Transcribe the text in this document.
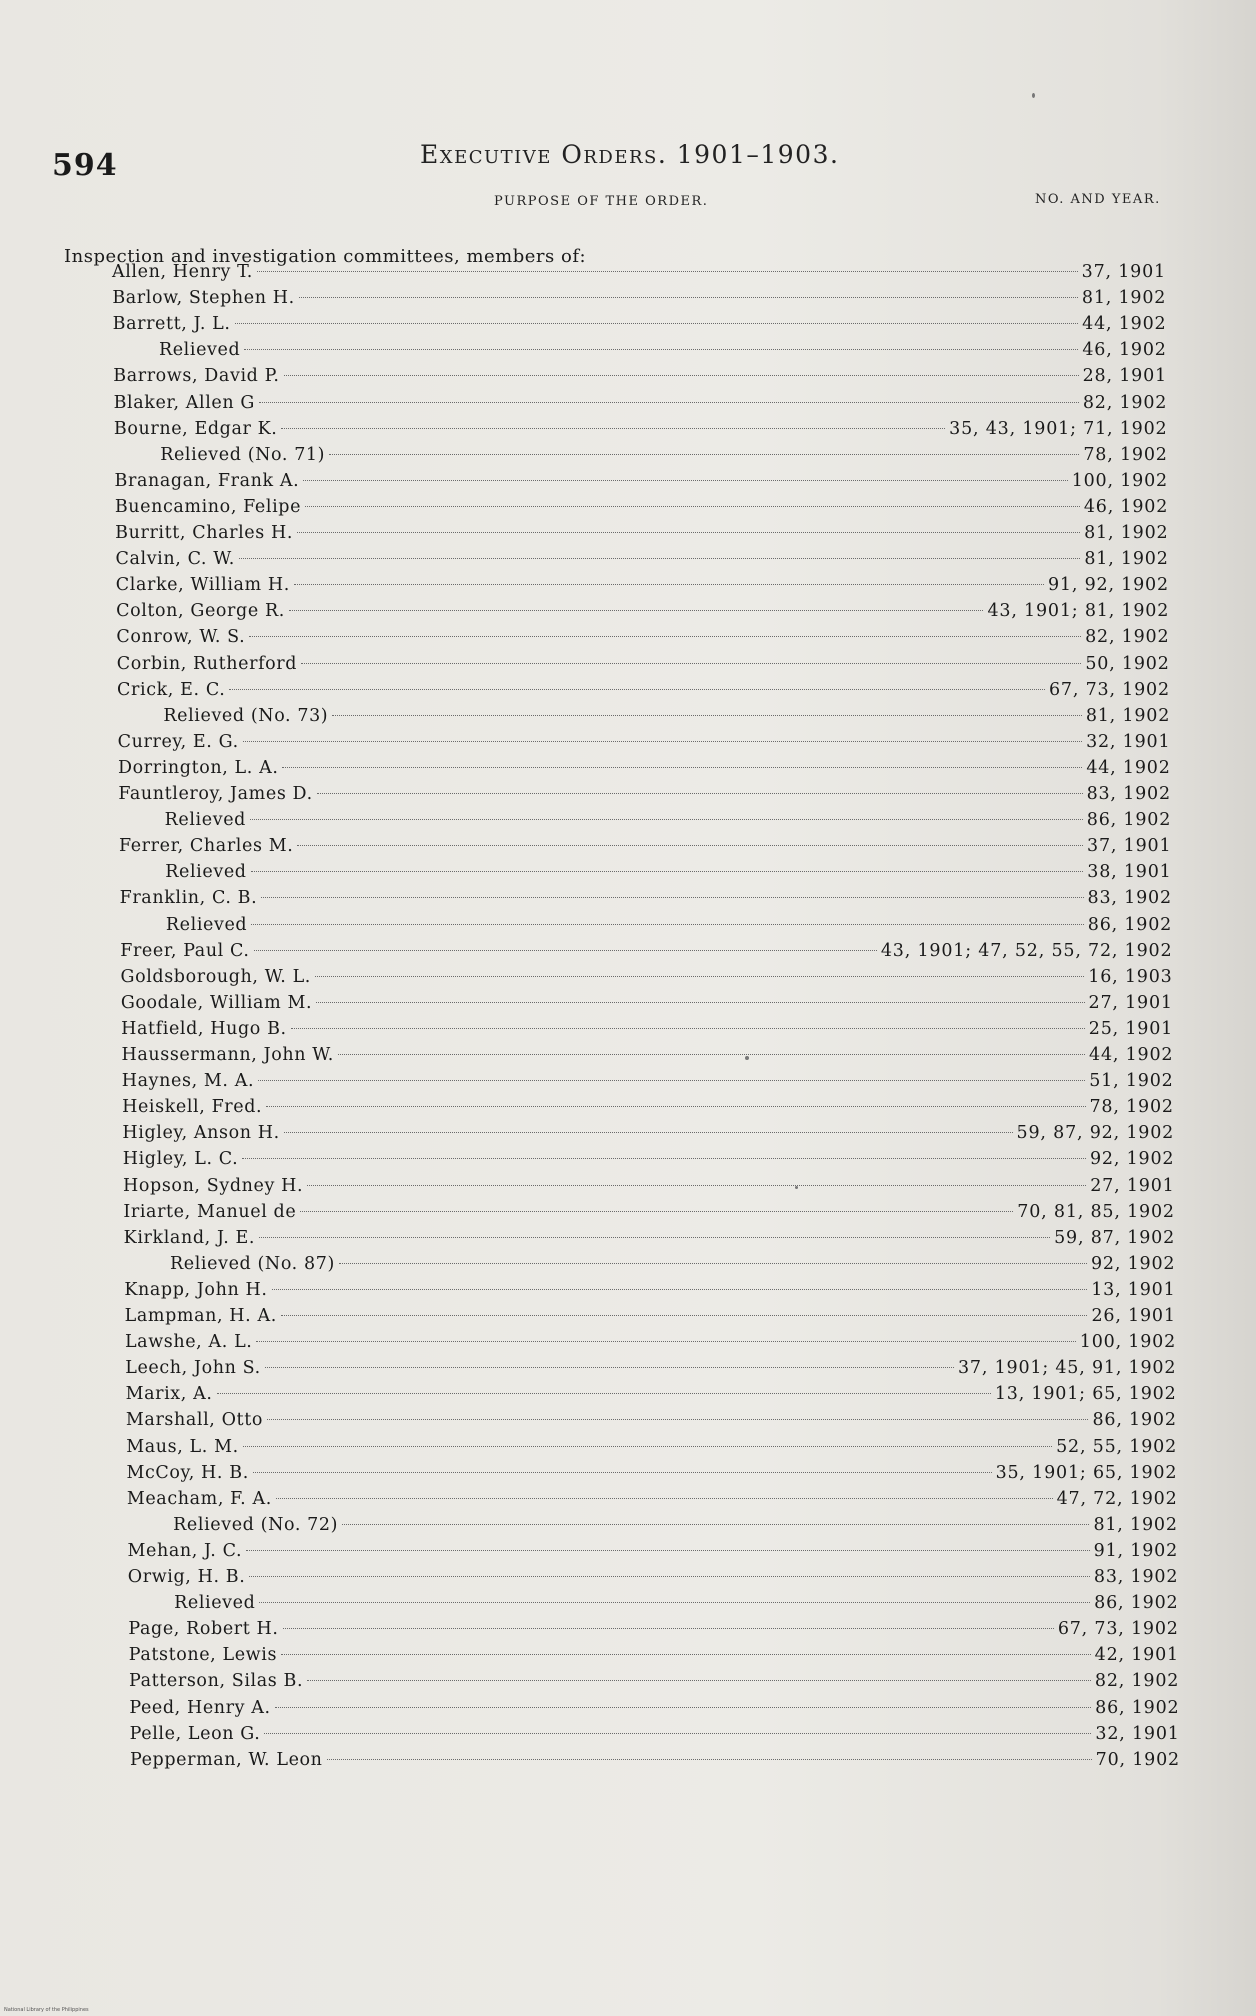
594	Executive Orders. 1901–1903.
PURPOSE OF THE ORDER.	NO. AND YEAR.
Inspection and investigation committees, members of:
Allen, Henry T.	37, 1901
Barlow, Stephen H.	81, 1902
Barrett, J. L.	44, 1902
Relieved	46, 1902
Barrows, David P.	28, 1901
Blaker, Allen G	82, 1902
Bourne, Edgar K.	35, 43, 1901; 71, 1902
Relieved (No. 71)	78, 1902
Branagan, Frank A.	100, 1902
Buencamino, Felipe	46, 1902
Burritt, Charles H.	81, 1902
Calvin, C. W.	81, 1902
Clarke, William H.	91, 92, 1902
Colton, George R.	43, 1901; 81, 1902
Conrow, W. S.	82, 1902
Corbin, Rutherford	50, 1902
Crick, E. C.	67, 73, 1902
Relieved (No. 73)	81, 1902
Currey, E. G.	32, 1901
Dorrington, L. A.	44, 1902
Fauntleroy, James D.	83, 1902
Relieved	86, 1902
Ferrer, Charles M.	37, 1901
Relieved	38, 1901
Franklin, C. B.	83, 1902
Relieved	86, 1902
Freer, Paul C.	43, 1901; 47, 52, 55, 72, 1902
Goldsborough, W. L.	16, 1903
Goodale, William M.	27, 1901
Hatfield, Hugo B.	25, 1901
Haussermann, John W.	44, 1902
Haynes, M. A.	51, 1902
Heiskell, Fred.	78, 1902
Higley, Anson H.	59, 87, 92, 1902
Higley, L. C.	92, 1902
Hopson, Sydney H.	27, 1901
Iriarte, Manuel de	70, 81, 85, 1902
Kirkland, J. E.	59, 87, 1902
Relieved (No. 87)	92, 1902
Knapp, John H.	13, 1901
Lampman, H. A.	26, 1901
Lawshe, A. L.	100, 1902
Leech, John S.	37, 1901; 45, 91, 1902
Marix, A.	13, 1901; 65, 1902
Marshall, Otto	86, 1902
Maus, L. M.	52, 55, 1902
McCoy, H. B.	35, 1901; 65, 1902
Meacham, F. A.	47, 72, 1902
Relieved (No. 72)	81, 1902
Mehan, J. C.	91, 1902
Orwig, H. B.	83, 1902
Relieved	86, 1902
Page, Robert H.	67, 73, 1902
Patstone, Lewis	42, 1901
Patterson, Silas B.	82, 1902
Peed, Henry A.	86, 1902
Pelle, Leon G.	32, 1901
Pepperman, W. Leon	70, 1902
National Library of the Philippines
